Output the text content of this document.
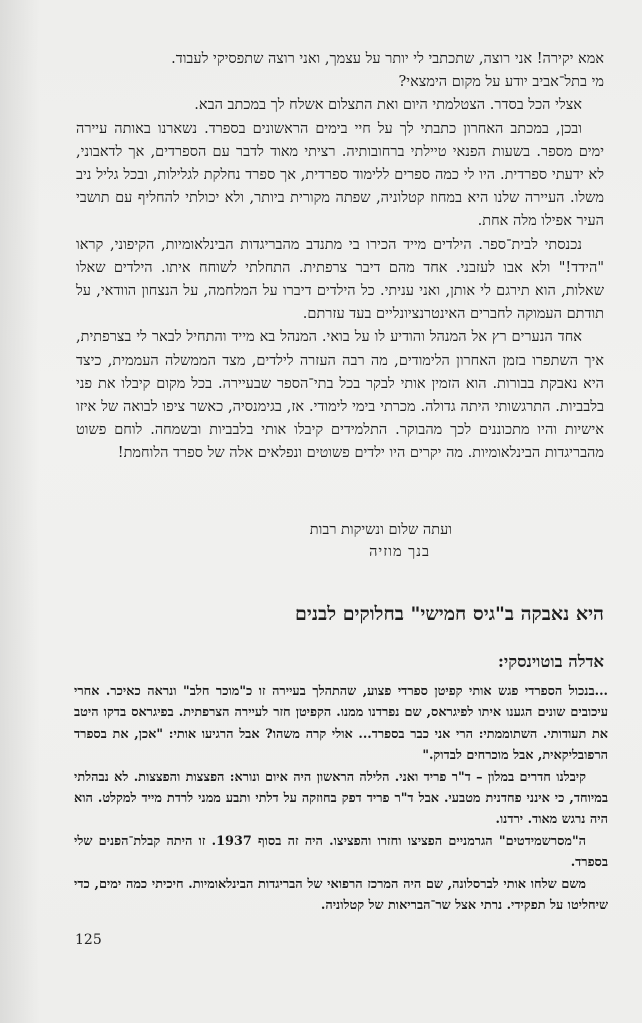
אמא יקירה! אני רוצה, שתכתבי לי יותר על עצמך, ואני רוצה שתפסיקי לעבוד.

מי בתל־אביב יודע על מקום הימצאי?

אצלי הכל בסדר. הצטלמתי היום ואת התצלום אשלח לך במכתב הבא.

ובכן, במכתב האחרון כתבתי לך על חיי בימים הראשונים בספרד. נשארנו באותה עיירה ימים מספר. בשעות הפנאי טיילתי ברחובותיה. רציתי מאוד לדבר עם הספרדים, אך לדאבוני, לא ידעתי ספרדית. היו לי כמה ספרים ללימוד ספרדית, אך ספרד נחלקת לגלילות, ובכל גליל ניב משלו. העיירה שלנו היא במחוז קטלוניה, שפתה מקורית ביותר, ולא יכולתי להחליף עם תושבי העיר אפילו מלה אחת.

נכנסתי לבית־ספר. הילדים מייד הכירו בי מתנדב מהבריגדות הבינלאומיות, הקיפוני, קראו "הידד!" ולא אבו לעזבני. אחד מהם דיבר צרפתית. התחלתי לשוחח איתו. הילדים שאלו שאלות, הוא תירגם לי אותן, ואני עניתי. כל הילדים דיברו על המלחמה, על הנצחון הוודאי, על תודתם העמוקה לחברים האינטרנציונליים בעד עזרתם.

אחד הנערים רץ אל המנהל והודיע לו על בואי. המנהל בא מייד והתחיל לבאר לי בצרפתית, איך השתפרו בזמן האחרון הלימודים, מה רבה העזרה לילדים, מצד הממשלה העממית, כיצד היא נאבקת בבורות. הוא הזמין אותי לבקר בכל בתי־הספר שבעיירה. בכל מקום קיבלו את פני בלבביות. התרגשותי היתה גדולה. מכרתי בימי לימודי. אז, בגימנסיה, כאשר ציפו לבואה של איזו אישיות והיו מתכוננים לכך מהבוקר. התלמידים קיבלו אותי בלבביות ובשמחה. לוחם פשוט מהבריגדות הבינלאומיות. מה יקרים היו ילדים פשוטים ונפלאים אלה של ספרד הלוחמת!

ועתה שלום ונשיקות רבות
בנך מוזיה
היא נאבקה ב"גיס חמישי" בחלוקים לבנים
אדלה בוטוינסקי:

...בנכול הספרדי פגש אותי קפיטן ספרדי פצוע, שהתהלך בעיירה זו כ"מוכר חלב" ונראה כאיכר. אחרי עיכובים שונים הגענו איתו לפיגראס, שם נפרדנו ממנו. הקפיטן חזר לעיירה הצרפתית. בפיגראס בדקו היטב את תעודותי. השתוממתי: הרי אני כבר בספרד... אולי קרה משהו? אבל הרגיעו אותי: "אכן, את בספרד הרפובליקאית, אבל מוכרחים לבדוק."

קיבלנו חדרים במלון – ד"ר פריד ואני. הלילה הראשון היה איום ונורא: הפצצות והפצצות. לא נבהלתי במיוחד, כי אינני פחדנית מטבעי. אבל ד"ר פריד דפק בחוזקה על דלתי ותבע ממני לרדת מייד למקלט. הוא היה נרגש מאוד. ירדנו.

ה"מסרשמידטים" הגרמניים הפציצו וחזרו והפציצו. היה זה בסוף 1937. זו היתה קבלת־הפנים שלי בספרד.

משם שלחו אותי לברסלונה, שם היה המרכז הרפואי של הבריגדות הבינלאומיות. חיכיתי כמה ימים, כדי שיחליטו על תפקידי. נרתי אצל שר־הבריאות של קטלוניה.

125
